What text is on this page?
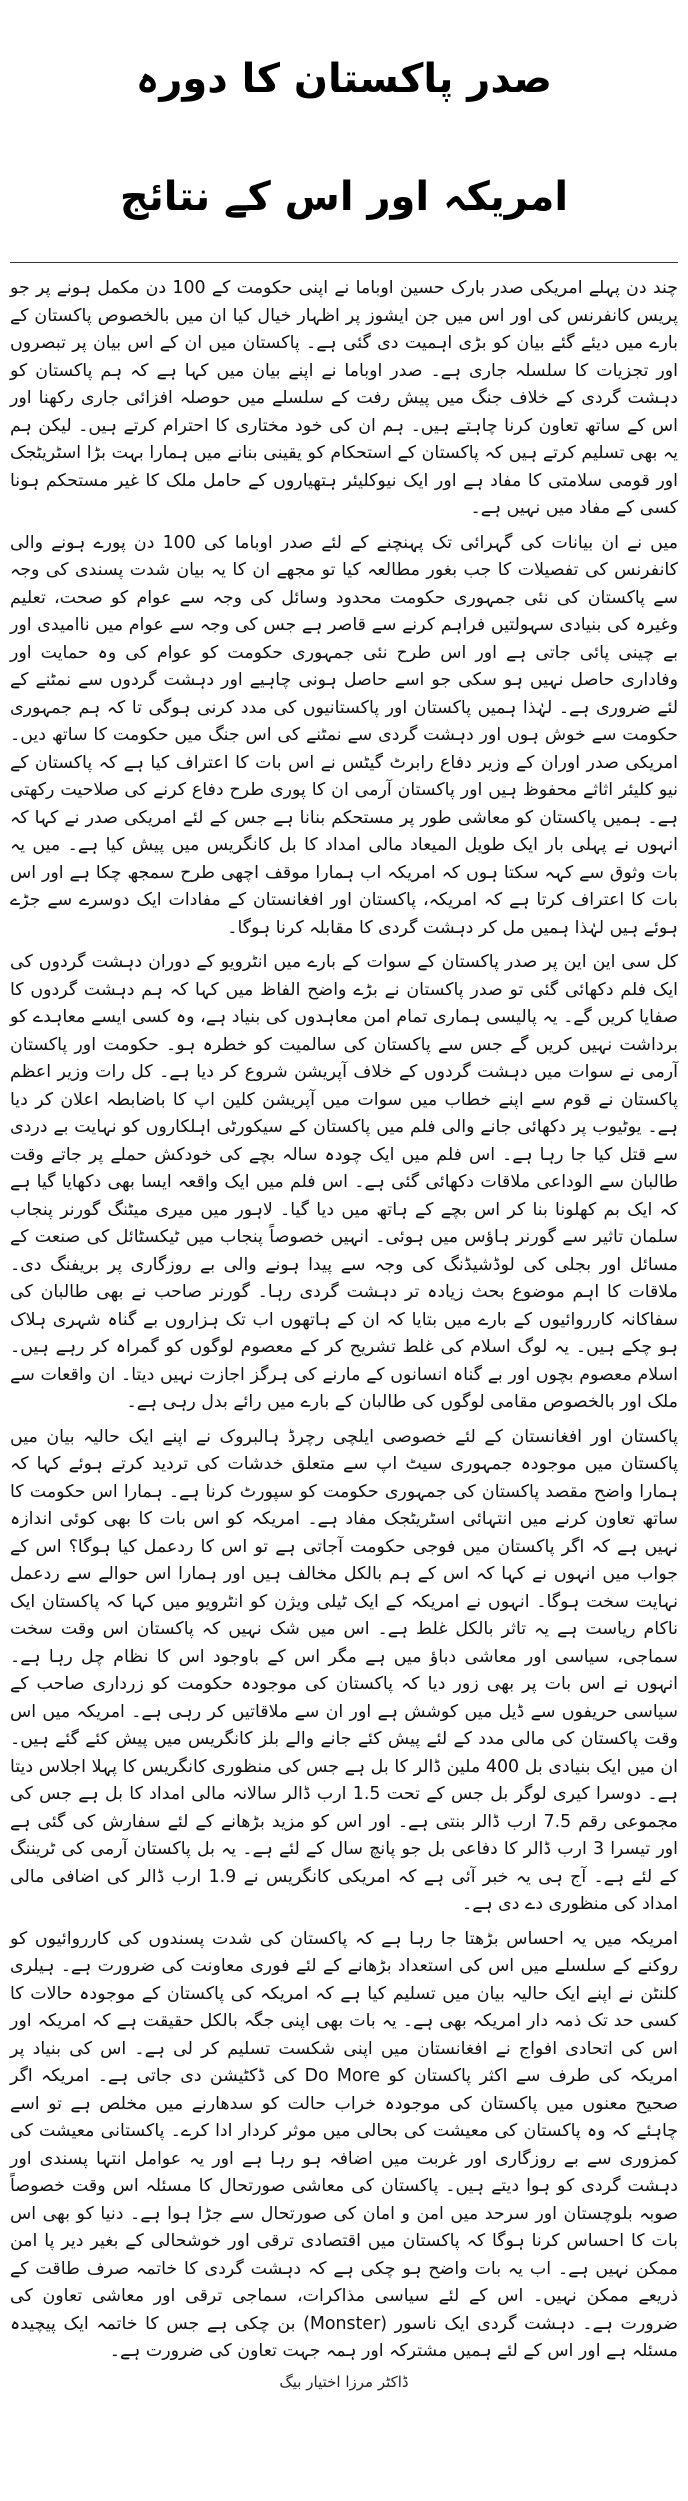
صدر پاکستان کا دورہ
امریکہ اور اس کے نتائج

چند دن پہلے امریکی صدر بارک حسین اوباما نے اپنی حکومت کے 100 دن مکمل ہونے پر جو پریس کانفرنس کی اور اس میں جن ایشوز پر اظہار خیال کیا ان میں بالخصوص پاکستان کے بارے میں دیئے گئے بیان کو بڑی اہمیت دی گئی ہے۔ پاکستان میں ان کے اس بیان پر تبصروں اور تجزیات کا سلسلہ جاری ہے۔ صدر اوباما نے اپنے بیان میں کہا ہے کہ ہم پاکستان کو دہشت گردی کے خلاف جنگ میں پیش رفت کے سلسلے میں حوصلہ افزائی جاری رکھنا اور اس کے ساتھ تعاون کرنا چاہتے ہیں۔ ہم ان کی خود مختاری کا احترام کرتے ہیں۔ لیکن ہم یہ بھی تسلیم کرتے ہیں کہ پاکستان کے استحکام کو یقینی بنانے میں ہمارا بہت بڑا اسٹریٹجک اور قومی سلامتی کا مفاد ہے اور ایک نیوکلیئر ہتھیاروں کے حامل ملک کا غیر مستحکم ہونا کسی کے مفاد میں نہیں ہے۔

میں نے ان بیانات کی گہرائی تک پہنچنے کے لئے صدر اوباما کی 100 دن پورے ہونے والی کانفرنس کی تفصیلات کا جب بغور مطالعہ کیا تو مجھے ان کا یہ بیان شدت پسندی کی وجہ سے پاکستان کی نئی جمہوری حکومت محدود وسائل کی وجہ سے عوام کو صحت، تعلیم وغیرہ کی بنیادی سہولتیں فراہم کرنے سے قاصر ہے جس کی وجہ سے عوام میں ناامیدی اور بے چینی پائی جاتی ہے اور اس طرح نئی جمہوری حکومت کو عوام کی وہ حمایت اور وفاداری حاصل نہیں ہو سکی جو اسے حاصل ہونی چاہیے اور دہشت گردوں سے نمٹنے کے لئے ضروری ہے۔ لہٰذا ہمیں پاکستان اور پاکستانیوں کی مدد کرنی ہوگی تا کہ ہم جمہوری حکومت سے خوش ہوں اور دہشت گردی سے نمٹنے کی اس جنگ میں حکومت کا ساتھ دیں۔ امریکی صدر اوران کے وزیر دفاع رابرٹ گیٹس نے اس بات کا اعتراف کیا ہے کہ پاکستان کے نیو کلیئر اثاثے محفوظ ہیں اور پاکستان آرمی ان کا پوری طرح دفاع کرنے کی صلاحیت رکھتی ہے۔ ہمیں پاکستان کو معاشی طور پر مستحکم بنانا ہے جس کے لئے امریکی صدر نے کہا کہ انہوں نے پہلی بار ایک طویل المیعاد مالی امداد کا بل کانگریس میں پیش کیا ہے۔ میں یہ بات وثوق سے کہہ سکتا ہوں کہ امریکہ اب ہمارا موقف اچھی طرح سمجھ چکا ہے اور اس بات کا اعتراف کرتا ہے کہ امریکہ، پاکستان اور افغانستان کے مفادات ایک دوسرے سے جڑے ہوئے ہیں لہٰذا ہمیں مل کر دہشت گردی کا مقابلہ کرنا ہوگا۔

کل سی این این پر صدر پاکستان کے سوات کے بارے میں انٹرویو کے دوران دہشت گردوں کی ایک فلم دکھائی گئی تو صدر پاکستان نے بڑے واضح الفاظ میں کہا کہ ہم دہشت گردوں کا صفایا کریں گے۔ یہ پالیسی ہماری تمام امن معاہدوں کی بنیاد ہے، وہ کسی ایسے معاہدے کو برداشت نہیں کریں گے جس سے پاکستان کی سالمیت کو خطرہ ہو۔ حکومت اور پاکستان آرمی نے سوات میں دہشت گردوں کے خلاف آپریشن شروع کر دیا ہے۔ کل رات وزیر اعظم پاکستان نے قوم سے اپنے خطاب میں سوات میں آپریشن کلین اپ کا باضابطہ اعلان کر دیا ہے۔ یوٹیوب پر دکھائی جانے والی فلم میں پاکستان کے سیکورٹی اہلکاروں کو نہایت بے دردی سے قتل کیا جا رہا ہے۔ اس فلم میں ایک چودہ سالہ بچے کی خودکش حملے پر جاتے وقت طالبان سے الوداعی ملاقات دکھائی گئی ہے۔ اس فلم میں ایک واقعہ ایسا بھی دکھایا گیا ہے کہ ایک بم کھلونا بنا کر اس بچے کے ہاتھ میں دیا گیا۔ لاہور میں میری میٹنگ گورنر پنجاب سلمان تاثیر سے گورنر ہاؤس میں ہوئی۔ انہیں خصوصاً پنجاب میں ٹیکسٹائل کی صنعت کے مسائل اور بجلی کی لوڈشیڈنگ کی وجہ سے پیدا ہونے والی بے روزگاری پر بریفنگ دی۔ ملاقات کا اہم موضوع بحث زیادہ تر دہشت گردی رہا۔ گورنر صاحب نے بھی طالبان کی سفاکانہ کارروائیوں کے بارے میں بتایا کہ ان کے ہاتھوں اب تک ہزاروں بے گناہ شہری ہلاک ہو چکے ہیں۔ یہ لوگ اسلام کی غلط تشریح کر کے معصوم لوگوں کو گمراہ کر رہے ہیں۔ اسلام معصوم بچوں اور بے گناہ انسانوں کے مارنے کی ہرگز اجازت نہیں دیتا۔ ان واقعات سے ملک اور بالخصوص مقامی لوگوں کی طالبان کے بارے میں رائے بدل رہی ہے۔

پاکستان اور افغانستان کے لئے خصوصی ایلچی رچرڈ ہالبروک نے اپنے ایک حالیہ بیان میں پاکستان میں موجودہ جمہوری سیٹ اپ سے متعلق خدشات کی تردید کرتے ہوئے کہا کہ ہمارا واضح مقصد پاکستان کی جمہوری حکومت کو سپورٹ کرنا ہے۔ ہمارا اس حکومت کا ساتھ تعاون کرنے میں انتہائی اسٹریٹجک مفاد ہے۔ امریکہ کو اس بات کا بھی کوئی اندازہ نہیں ہے کہ اگر پاکستان میں فوجی حکومت آجاتی ہے تو اس کا ردعمل کیا ہوگا؟ اس کے جواب میں انہوں نے کہا کہ اس کے ہم بالکل مخالف ہیں اور ہمارا اس حوالے سے ردعمل نہایت سخت ہوگا۔ انہوں نے امریکہ کے ایک ٹیلی ویژن کو انٹرویو میں کہا کہ پاکستان ایک ناکام ریاست ہے یہ تاثر بالکل غلط ہے۔ اس میں شک نہیں کہ پاکستان اس وقت سخت سماجی، سیاسی اور معاشی دباؤ میں ہے مگر اس کے باوجود اس کا نظام چل رہا ہے۔ انہوں نے اس بات پر بھی زور دیا کہ پاکستان کی موجودہ حکومت کو زرداری صاحب کے سیاسی حریفوں سے ڈیل میں کوشش ہے اور ان سے ملاقاتیں کر رہی ہے۔ امریکہ میں اس وقت پاکستان کی مالی مدد کے لئے پیش کئے جانے والے بلز کانگریس میں پیش کئے گئے ہیں۔ ان میں ایک بنیادی بل 400 ملین ڈالر کا بل ہے جس کی منظوری کانگریس کا پہلا اجلاس دیتا ہے۔ دوسرا کیری لوگر بل جس کے تحت 1.5 ارب ڈالر سالانہ مالی امداد کا بل ہے جس کی مجموعی رقم 7.5 ارب ڈالر بنتی ہے۔ اور اس کو مزید بڑھانے کے لئے سفارش کی گئی ہے اور تیسرا 3 ارب ڈالر کا دفاعی بل جو پانچ سال کے لئے ہے۔ یہ بل پاکستان آرمی کی ٹریننگ کے لئے ہے۔ آج ہی یہ خبر آئی ہے کہ امریکی کانگریس نے 1.9 ارب ڈالر کی اضافی مالی امداد کی منظوری دے دی ہے۔

امریکہ میں یہ احساس بڑھتا جا رہا ہے کہ پاکستان کی شدت پسندوں کی کارروائیوں کو روکنے کے سلسلے میں اس کی استعداد بڑھانے کے لئے فوری معاونت کی ضرورت ہے۔ ہیلری کلنٹن نے اپنے ایک حالیہ بیان میں تسلیم کیا ہے کہ امریکہ کی پاکستان کے موجودہ حالات کا کسی حد تک ذمہ دار امریکہ بھی ہے۔ یہ بات بھی اپنی جگہ بالکل حقیقت ہے کہ امریکہ اور اس کی اتحادی افواج نے افغانستان میں اپنی شکست تسلیم کر لی ہے۔ اس کی بنیاد پر امریکہ کی طرف سے اکثر پاکستان کو Do More کی ڈکٹیشن دی جاتی ہے۔ امریکہ اگر صحیح معنوں میں پاکستان کی موجودہ خراب حالت کو سدھارنے میں مخلص ہے تو اسے چاہئے کہ وہ پاکستان کی معیشت کی بحالی میں موثر کردار ادا کرے۔ پاکستانی معیشت کی کمزوری سے بے روزگاری اور غربت میں اضافہ ہو رہا ہے اور یہ عوامل انتہا پسندی اور دہشت گردی کو ہوا دیتے ہیں۔ پاکستان کی معاشی صورتحال کا مسئلہ اس وقت خصوصاً صوبہ بلوچستان اور سرحد میں امن و امان کی صورتحال سے جڑا ہوا ہے۔ دنیا کو بھی اس بات کا احساس کرنا ہوگا کہ پاکستان میں اقتصادی ترقی اور خوشحالی کے بغیر دیر پا امن ممکن نہیں ہے۔ اب یہ بات واضح ہو چکی ہے کہ دہشت گردی کا خاتمہ صرف طاقت کے ذریعے ممکن نہیں۔ اس کے لئے سیاسی مذاکرات، سماجی ترقی اور معاشی تعاون کی ضرورت ہے۔ دہشت گردی ایک ناسور (Monster) بن چکی ہے جس کا خاتمہ ایک پیچیدہ مسئلہ ہے اور اس کے لئے ہمیں مشترکہ اور ہمہ جہت تعاون کی ضرورت ہے۔

ڈاکٹر مرزا اختیار بیگ
